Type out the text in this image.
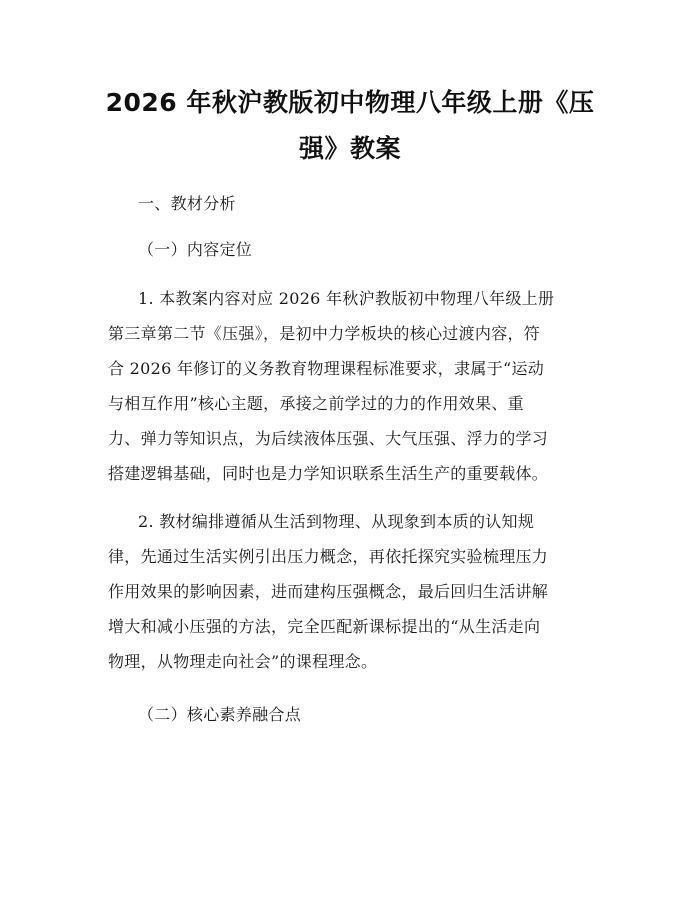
2026 年秋沪教版初中物理八年级上册《压
强》教案
一、教材分析
（一）内容定位
1. 本教案内容对应 2026 年秋沪教版初中物理八年级上册
第三章第二节《压强》，是初中力学板块的核心过渡内容，符
合 2026 年修订的义务教育物理课程标准要求，隶属于“运动
与相互作用”核心主题，承接之前学过的力的作用效果、重
力、弹力等知识点，为后续液体压强、大气压强、浮力的学习
搭建逻辑基础，同时也是力学知识联系生活生产的重要载体。
2. 教材编排遵循从生活到物理、从现象到本质的认知规
律，先通过生活实例引出压力概念，再依托探究实验梳理压力
作用效果的影响因素，进而建构压强概念，最后回归生活讲解
增大和减小压强的方法，完全匹配新课标提出的“从生活走向
物理，从物理走向社会”的课程理念。
（二）核心素养融合点
